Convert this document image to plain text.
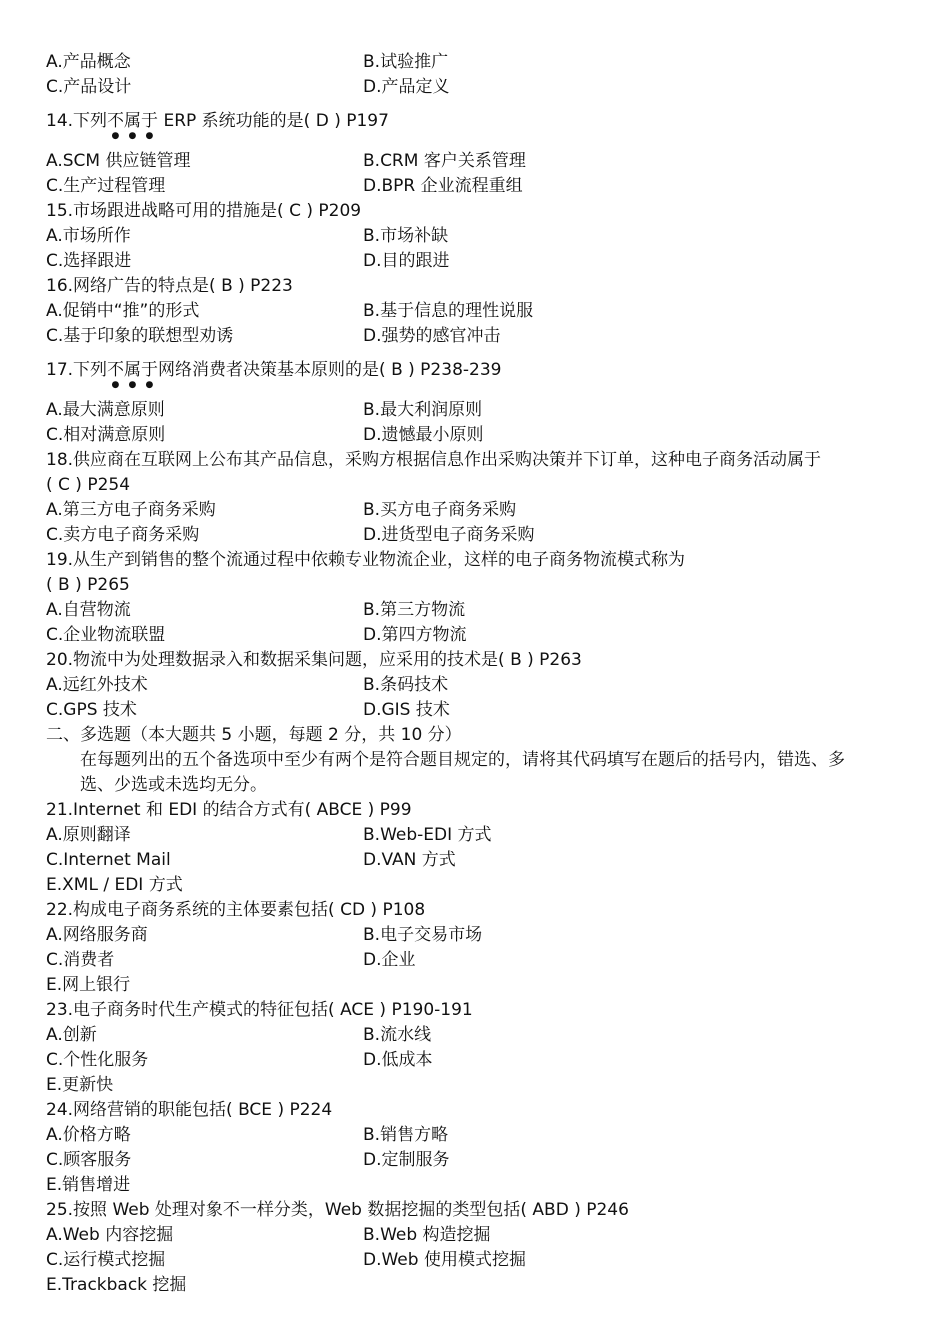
A.产品概念	B.试验推广
C.产品设计	D.产品定义
14.下列不属于 ERP 系统功能的是( D ) P197
A.SCM 供应链管理	B.CRM 客户关系管理
C.生产过程管理	D.BPR 企业流程重组
15.市场跟进战略可用的措施是( C ) P209
A.市场所作	B.市场补缺
C.选择跟进	D.目的跟进
16.网络广告的特点是( B ) P223
A.促销中“推”的形式	B.基于信息的理性说服
C.基于印象的联想型劝诱	D.强势的感官冲击
17.下列不属于网络消费者决策基本原则的是( B ) P238-239
A.最大满意原则	B.最大利润原则
C.相对满意原则	D.遗憾最小原则
18.供应商在互联网上公布其产品信息，采购方根据信息作出采购决策并下订单，这种电子商务活动属于
( C ) P254
A.第三方电子商务采购	B.买方电子商务采购
C.卖方电子商务采购	D.进货型电子商务采购
19.从生产到销售的整个流通过程中依赖专业物流企业，这样的电子商务物流模式称为
( B ) P265
A.自营物流	B.第三方物流
C.企业物流联盟	D.第四方物流
20.物流中为处理数据录入和数据采集问题，应采用的技术是( B ) P263
A.远红外技术	B.条码技术
C.GPS 技术	D.GIS 技术
二、多选题（本大题共 5 小题，每题 2 分，共 10 分）
在每题列出的五个备选项中至少有两个是符合题目规定的，请将其代码填写在题后的括号内，错选、多
选、少选或未选均无分。
21.Internet 和 EDI 的结合方式有( ABCE ) P99
A.原则翻译	B.Web-EDI 方式
C.Internet Mail	D.VAN 方式
E.XML / EDI 方式
22.构成电子商务系统的主体要素包括( CD ) P108
A.网络服务商	B.电子交易市场
C.消费者	D.企业
E.网上银行
23.电子商务时代生产模式的特征包括( ACE ) P190-191
A.创新	B.流水线
C.个性化服务	D.低成本
E.更新快
24.网络营销的职能包括( BCE ) P224
A.价格方略	B.销售方略
C.顾客服务	D.定制服务
E.销售增进
25.按照 Web 处理对象不一样分类，Web 数据挖掘的类型包括( ABD ) P246
A.Web 内容挖掘	B.Web 构造挖掘
C.运行模式挖掘	D.Web 使用模式挖掘
E.Trackback 挖掘
